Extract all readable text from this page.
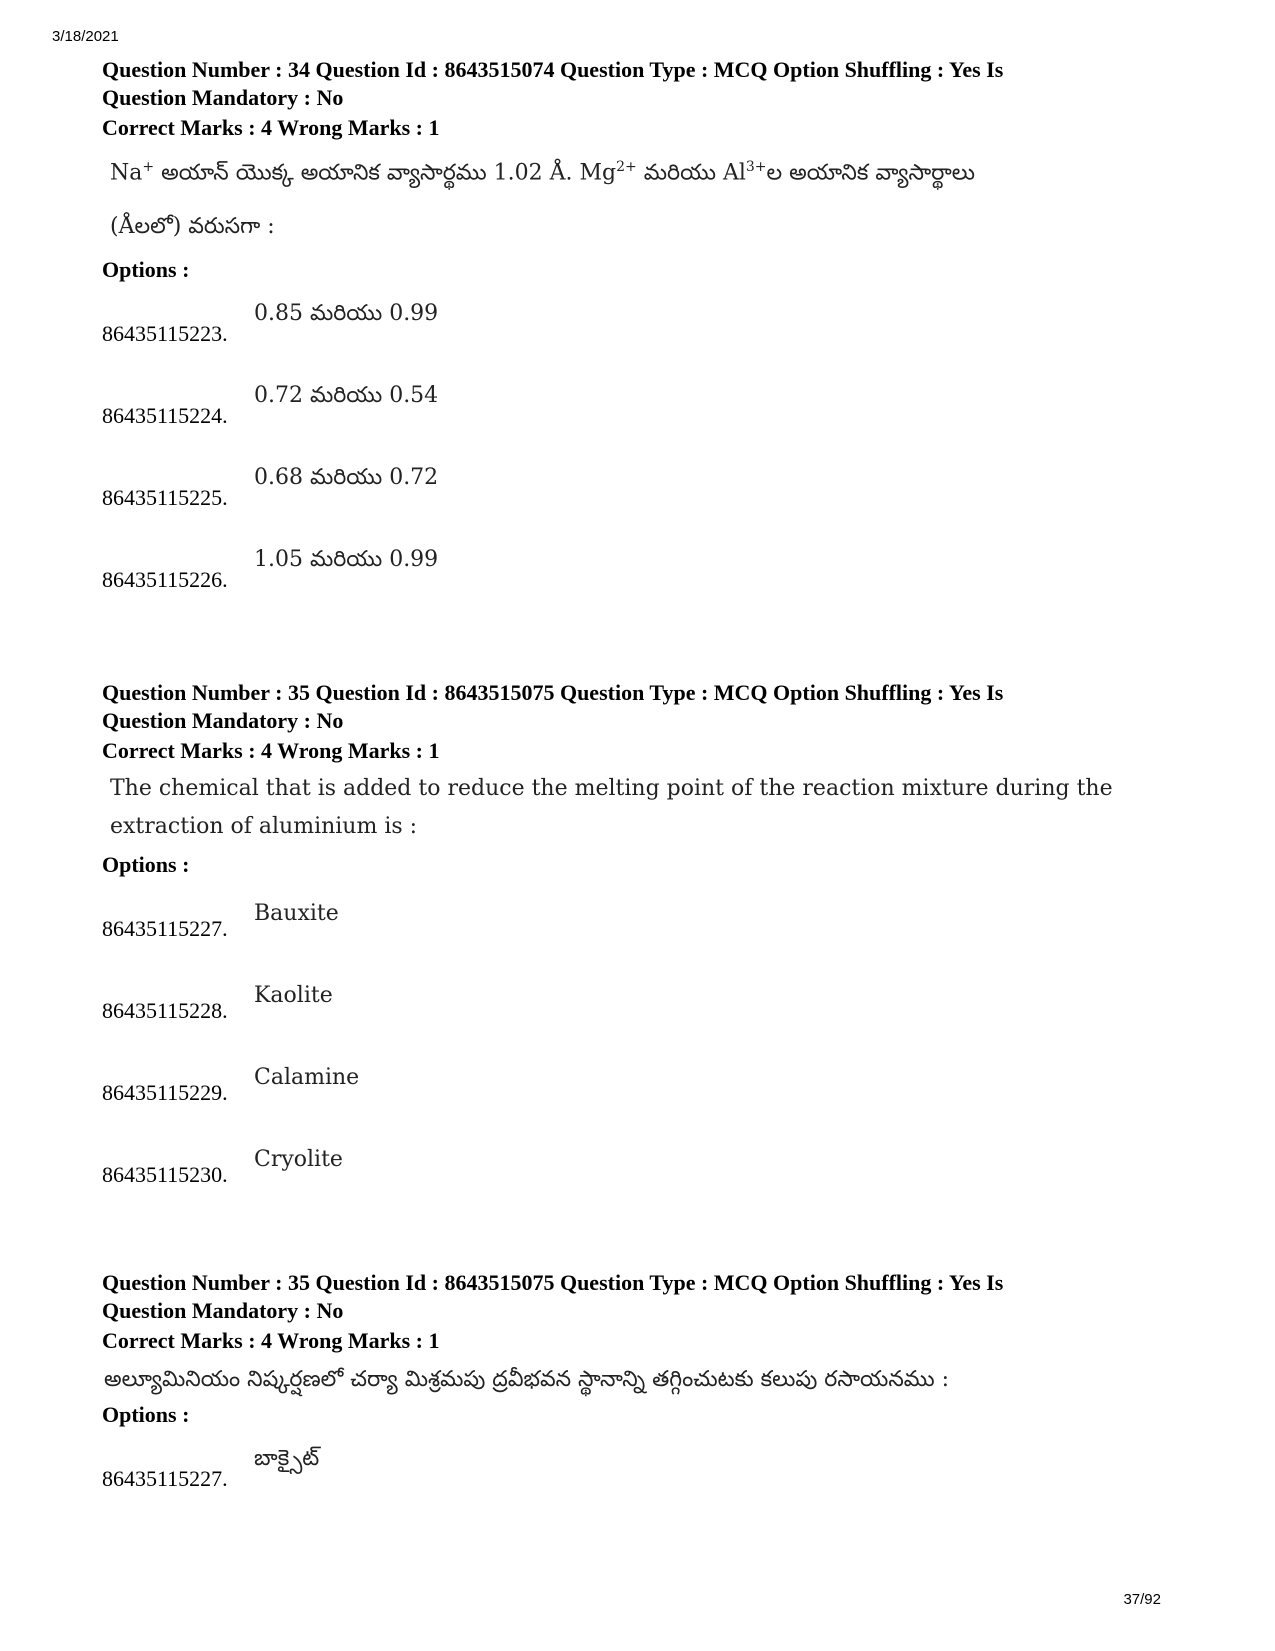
3/18/2021
Question Number : 34 Question Id : 8643515074 Question Type : MCQ Option Shuffling : Yes Is
Question Mandatory : No
Correct Marks : 4 Wrong Marks : 1
Na+ అయాన్ యొక్క అయానిక వ్యాసార్థము 1.02 Å. $Mg^{2+}$ మరియు $Al^{3+}ల$ అయానిక వ్యాసార్థాలు
(Åలలో) వరుసగా :
Options :
86435115223.
0.85 మరియు 0.99
86435115224.
0.72 మరియు 0.54
86435115225.
0.68 మరియు 0.72
86435115226.
1.05 మరియు 0.99
Question Number : 35 Question Id : 8643515075 Question Type : MCQ Option Shuffling : Yes Is
Question Mandatory : No
Correct Marks : 4 Wrong Marks : 1
The chemical that is added to reduce the melting point of the reaction mixture during the
extraction of aluminium is :
Options :
86435115227.
Bauxite
86435115228.
Kaolite
86435115229.
Calamine
86435115230.
Cryolite
Question Number : 35 Question Id : 8643515075 Question Type : MCQ Option Shuffling : Yes Is
Question Mandatory : No
Correct Marks : 4 Wrong Marks : 1
అల్యూమినియం నిష్కర్షణలో చర్యా మిశ్రమపు ద్రవీభవన స్థానాన్ని తగ్గించుటకు కలుపు రసాయనము :
Options :
86435115227.
బాక్సైట్
37/92
